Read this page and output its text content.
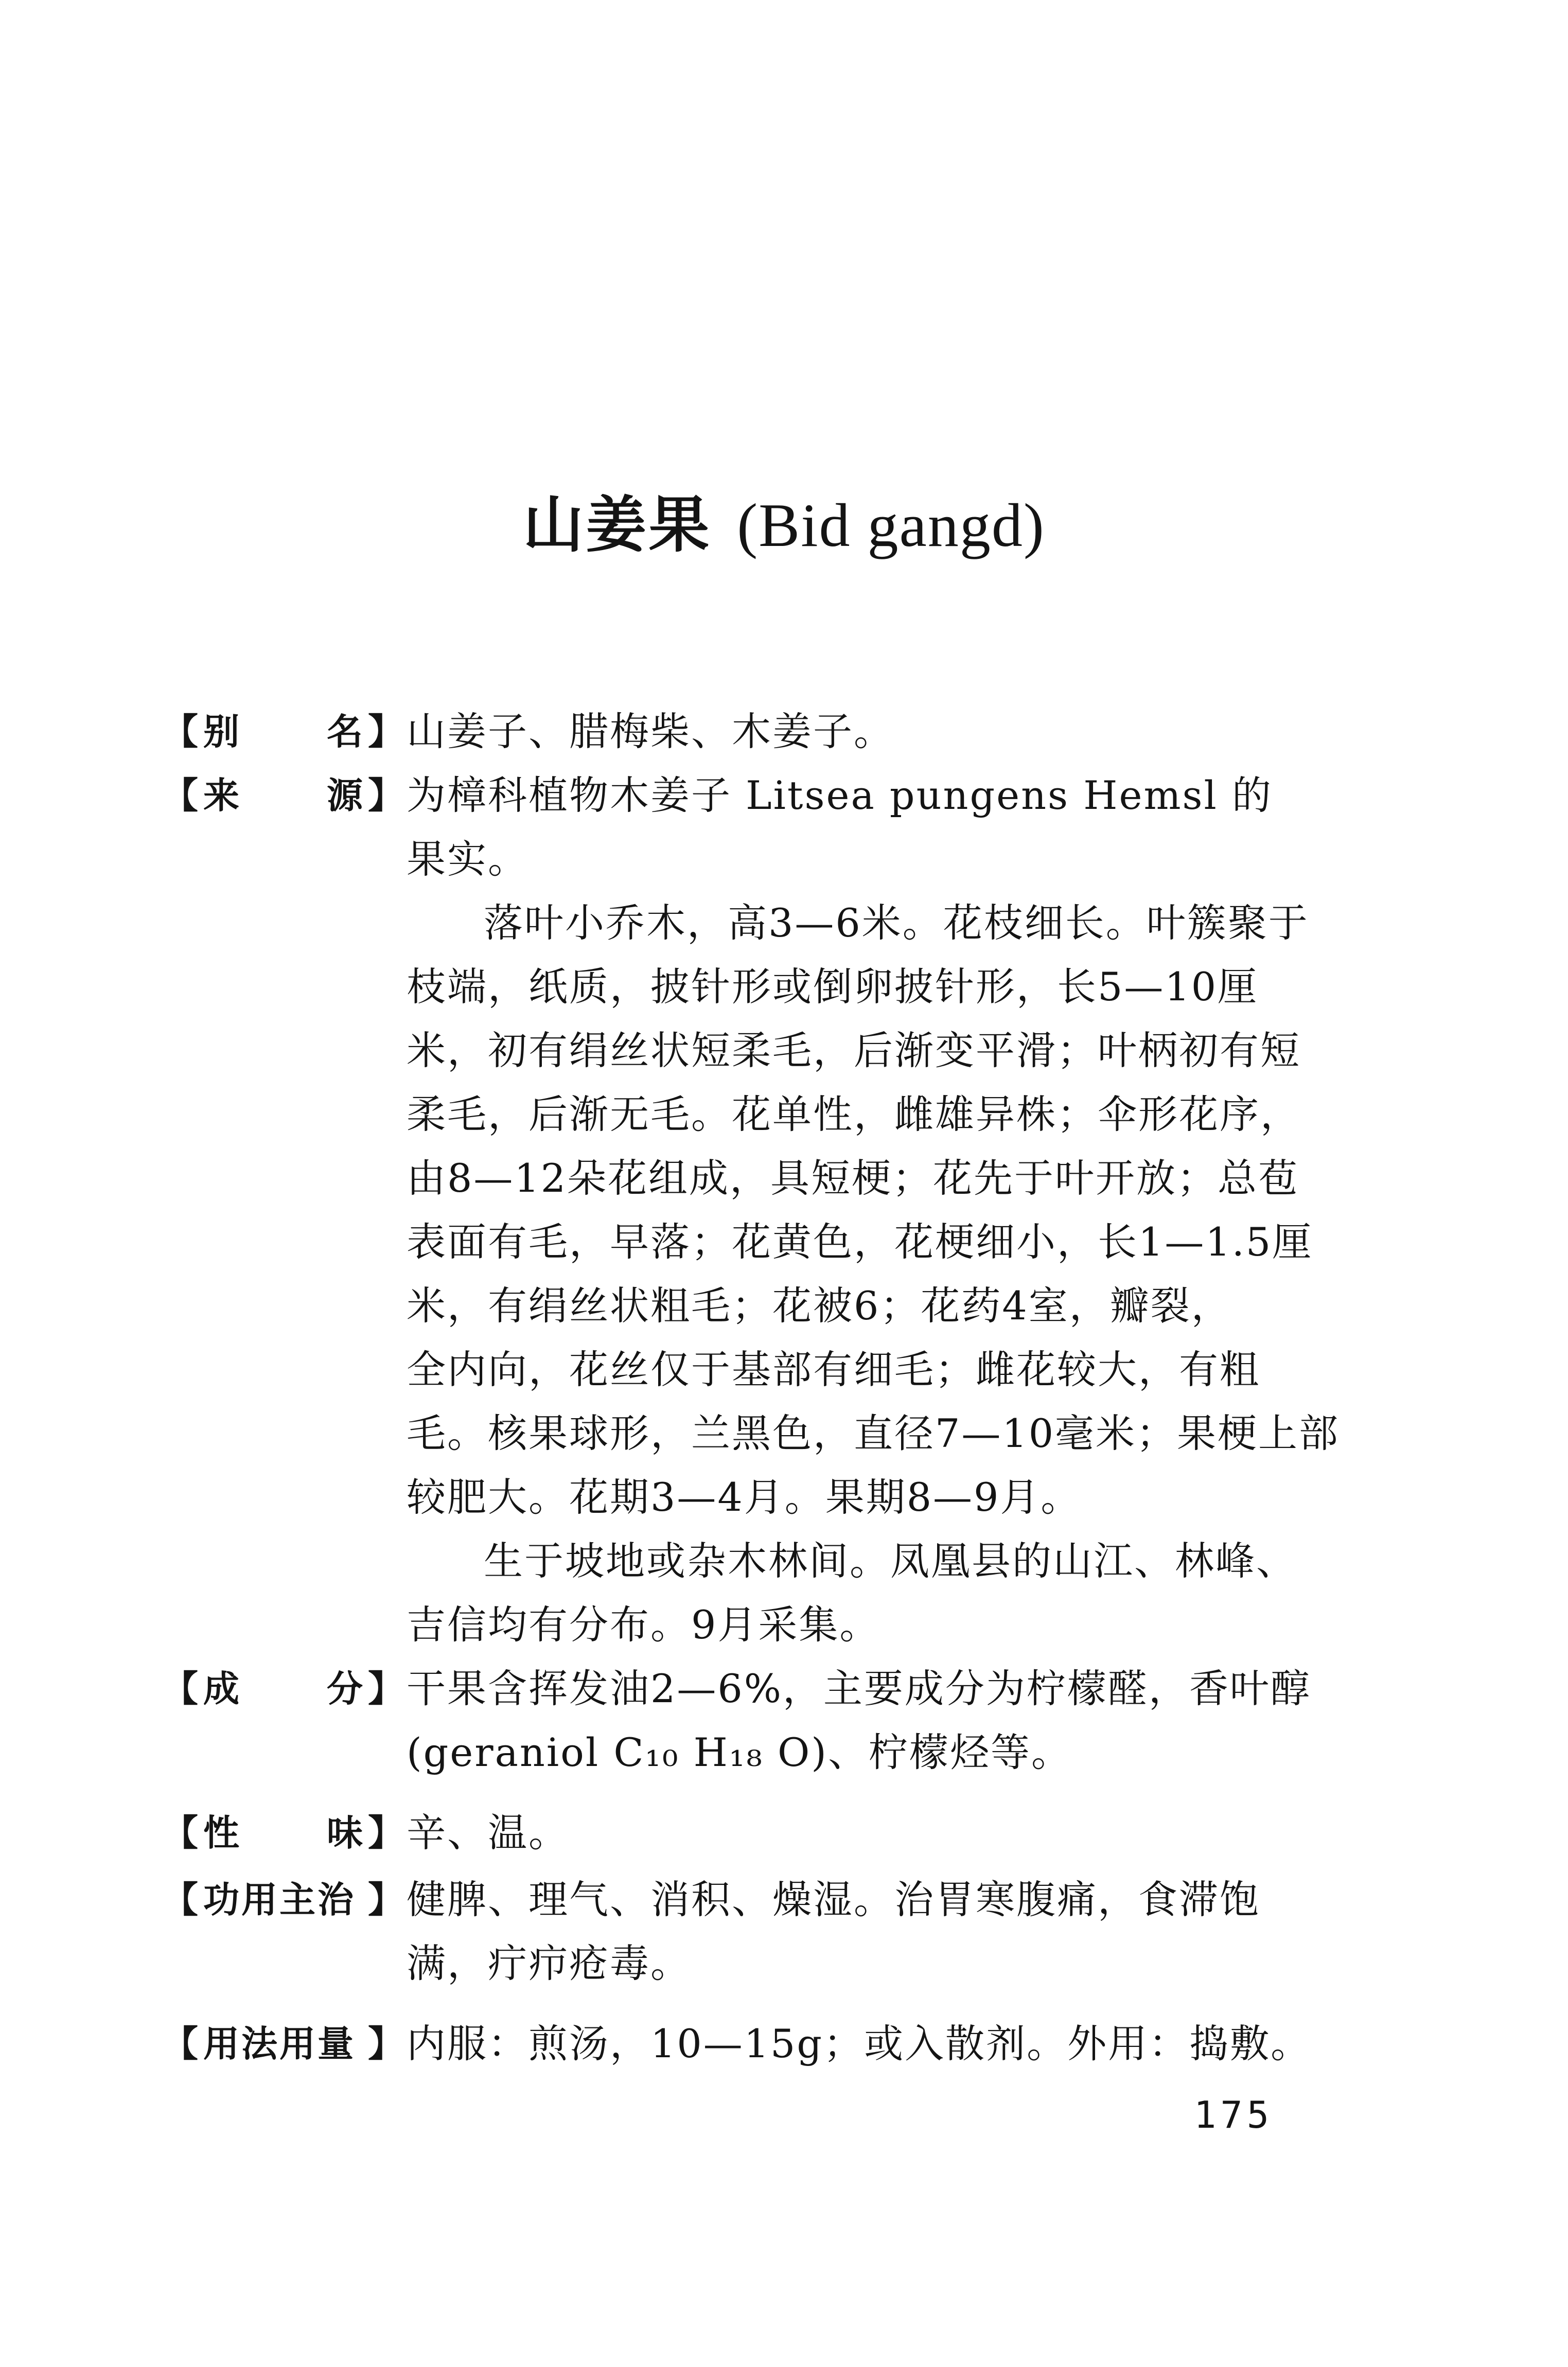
山姜果 (Bid gangd)
【 别 名 】 山姜子、腊梅柴、木姜子。
【 来 源 】 为樟科植物木姜子 Litsea pungens Hemsl 的
果实。
落叶小乔木，高3—6米。花枝细长。叶簇聚于
枝端，纸质，披针形或倒卵披针形，长5—10厘
米，初有绢丝状短柔毛，后渐变平滑；叶柄初有短
柔毛，后渐无毛。花单性，雌雄异株；伞形花序，
由8—12朵花组成，具短梗；花先于叶开放；总苞
表面有毛，早落；花黄色，花梗细小，长1—1.5厘
米，有绢丝状粗毛；花被6；花药4室，瓣裂，
全内向，花丝仅于基部有细毛；雌花较大，有粗
毛。核果球形，兰黑色，直径7—10毫米；果梗上部
较肥大。花期3—4月。果期8—9月。
生于坡地或杂木林间。凤凰县的山江、林峰、
吉信均有分布。9月采集。
【 成 分 】 干果含挥发油2—6%，主要成分为柠檬醛，香叶醇
(geraniol C₁₀ H₁₈ O)、柠檬烃等。
【 性 味 】 辛、温。
【 功用主治 】 健脾、理气、消积、燥湿。治胃寒腹痛，食滞饱
满，疔疖疮毒。
【 用法用量 】 内服：煎汤，10—15g；或入散剂。外用：捣敷。
175
